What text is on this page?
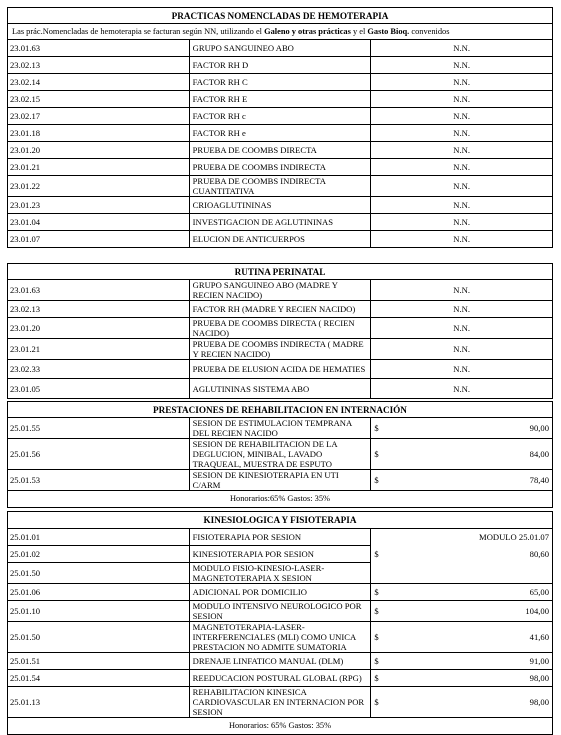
PRACTICAS NOMENCLADAS DE HEMOTERAPIA		
Las prác.Nomencladas de hemoterapia se facturan según NN, utilizando el Galeno y otras prácticas y el Gasto Bioq. convenidos		
23.01.63	GRUPO SANGUINEO ABO	N.N.
23.02.13	FACTOR RH D	N.N.
23.02.14	FACTOR RH C	N.N.
23.02.15	FACTOR RH E	N.N.
23.02.17	FACTOR RH c	N.N.
23.01.18	FACTOR RH e	N.N.
23.01.20	PRUEBA DE COOMBS DIRECTA	N.N.
23.01.21	PRUEBA DE COOMBS INDIRECTA	N.N.
23.01.22	PRUEBA DE COOMBS INDIRECTA CUANTITATIVA	N.N.
23.01.23	CRIOAGLUTININAS	N.N.
23.01.04	INVESTIGACION DE AGLUTININAS	N.N.
23.01.07	ELUCION DE ANTICUERPOS	N.N.
RUTINA PERINATAL		
23.01.63	GRUPO SANGUINEO ABO (MADRE Y RECIEN NACIDO)	N.N.
23.02.13	FACTOR RH (MADRE Y RECIEN NACIDO)	N.N.
23.01.20	PRUEBA DE COOMBS DIRECTA ( RECIEN NACIDO)	N.N.
23.01.21	PRUEBA DE COOMBS INDIRECTA ( MADRE Y RECIEN NACIDO)	N.N.
23.02.33	PRUEBA DE ELUSION ACIDA DE HEMATIES	N.N.
23.01.05	AGLUTININAS SISTEMA ABO	N.N.
PRESTACIONES DE REHABILITACION EN INTERNACIÓN		
25.01.55	SESION DE ESTIMULACION TEMPRANA DEL RECIEN NACIDO	$ 90,00

25.01.56	SESION DE REHABILITACION DE LA DEGLUCION, MINIBAL, LAVADO TRAQUEAL, MUESTRA DE ESPUTO	$ 84,00

25.01.53	SESION DE KINESIOTERAPIA EN UTI C/ARM	$ 78,40

Honorarios:65% Gastos: 35%		
KINESIOLOGICA Y FISIOTERAPIA		
25.01.01	FISIOTERAPIA POR SESION	MODULO 25.01.07
25.01.02	KINESIOTERAPIA POR SESION	$ 80,60

25.01.50	MODULO FISIO-KINESIO-LASER-MAGNETOTERAPIA X SESION	
25.01.06	ADICIONAL POR DOMICILIO	$ 65,00

25.01.10	MODULO INTENSIVO NEUROLOGICO POR SESION	$ 104,00

25.01.50	MAGNETOTERAPIA-LASER-INTERFERENCIALES (MLI) COMO UNICA PRESTACION NO ADMITE SUMATORIA	$ 41,60

25.01.51	DRENAJE LINFATICO MANUAL (DLM)	$ 91,00

25.01.54	REEDUCACION POSTURAL GLOBAL (RPG)	$ 98,00

25.01.13	REHABILITACION KINESICA CARDIOVASCULAR EN INTERNACION POR SESION	$ 98,00

Honorarios: 65% Gastos: 35%		
